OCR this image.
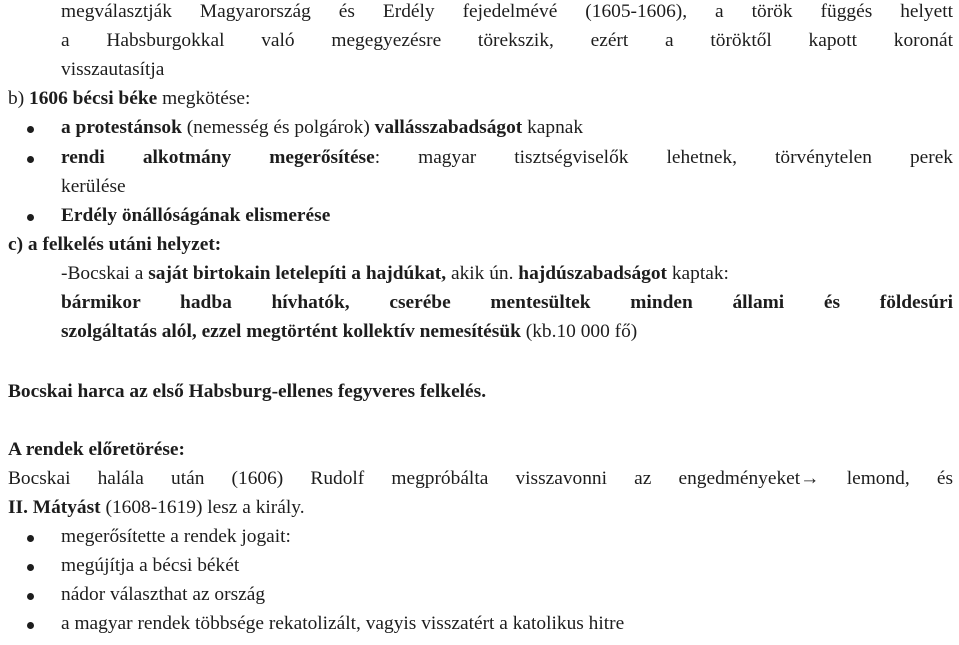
megválasztják Magyarország és Erdély fejedelmévé (1605-1606), a török függés helyett
a Habsburgokkal való megegyezésre törekszik, ezért a töröktől kapott koronát
visszautasítja
b) 1606 bécsi béke megkötése:
a protestánsok (nemesség és polgárok) vallásszabadságot kapnak
rendi alkotmány megerősítése: magyar tisztségviselők lehetnek, törvénytelen perek
kerülése
Erdély önállóságának elismerése
c) a felkelés utáni helyzet:
-Bocskai a saját birtokain letelepíti a hajdúkat, akik ún. hajdúszabadságot kaptak:
bármikor hadba hívhatók, cserébe mentesültek minden állami és földesúri
szolgáltatás alól, ezzel megtörtént kollektív nemesítésük (kb.10 000 fő)
Bocskai harca az első Habsburg-ellenes fegyveres felkelés.
A rendek előretörése:
Bocskai halála után (1606) Rudolf megpróbálta visszavonni az engedményeket→ lemond, és
II. Mátyást (1608-1619) lesz a király.
megerősítette a rendek jogait:
megújítja a bécsi békét
nádor választhat az ország
a magyar rendek többsége rekatolizált, vagyis visszatért a katolikus hitre
